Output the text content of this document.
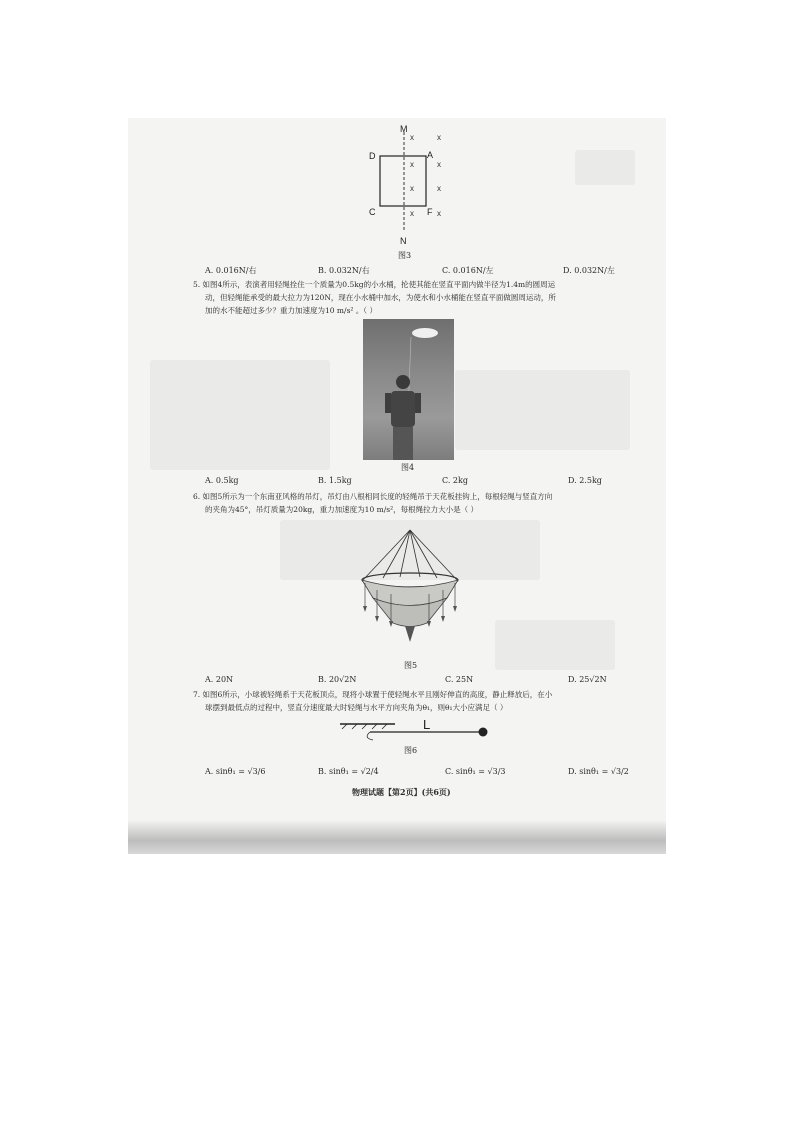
M
N
D	A
C	F
x	x
x	x
x	x
x	x
图3
A. 0.016N/右	B. 0.032N/右	C. 0.016N/左	D. 0.032N/左
5. 如图4所示，表演者用轻绳拴住一个质量为0.5kg的小水桶，抡使其能在竖直平面内做半径为1.4m的圆周运
动，但轻绳能承受的最大拉力为120N，现在小水桶中加水，为使水和小水桶能在竖直平面做圆周运动，所
加的水不能超过多少？重力加速度为10 m/s² 。（ ）
图4
A. 0.5kg	B. 1.5kg	C. 2kg	D. 2.5kg
6. 如图5所示为一个东南亚风格的吊灯，吊灯由八根相同长度的轻绳吊于天花板挂钩上，每根轻绳与竖直方向
的夹角为45°，吊灯质量为20kg，重力加速度为10 m/s²，每根绳拉力大小是（ ）
图5
A. 20N	B. 20√2N	C. 25N	D. 25√2N
7. 如图6所示，小球被轻绳系于天花板顶点，现将小球置于使轻绳水平且刚好伸直的高度，静止释放后，在小
球摆到最低点的过程中，竖直分速度最大时轻绳与水平方向夹角为θ₁，则θ₁大小应满足（ ）
L
图6
A. sinθ₁ = √3/6	B. sinθ₁ = √2/4	C. sinθ₁ = √3/3	D. sinθ₁ = √3/2
物理试题【第2页】(共6页)
